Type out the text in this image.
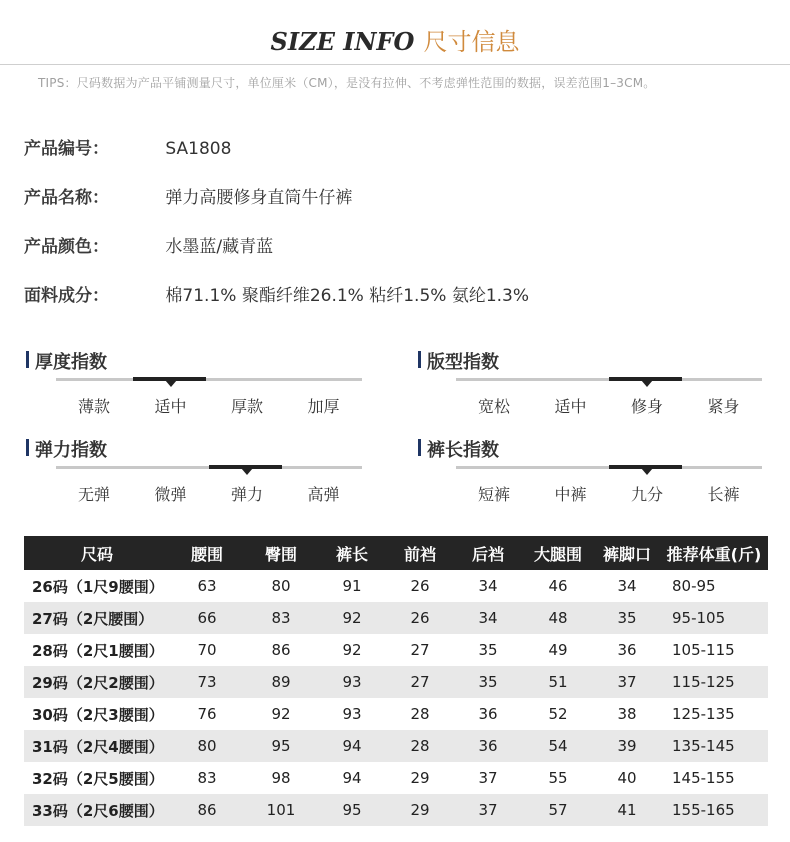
SIZE INFO 尺寸信息
TIPS：尺码数据为产品平铺测量尺寸，单位厘米（CM），是没有拉伸、不考虑弹性范围的数据，误差范围1–3CM。
产品编号：	SA1808
产品名称：	弹力高腰修身直筒牛仔裤
产品颜色：	水墨蓝/藏青蓝
面料成分：	棉71.1% 聚酯纤维26.1% 粘纤1.5% 氨纶1.3%
厚度指数
薄款	适中	厚款	加厚
版型指数
宽松	适中	修身	紧身
弹力指数
无弹	微弹	弹力	高弹
裤长指数
短裤	中裤	九分	长裤
尺码	腰围	臀围	裤长	前裆	后裆	大腿围	裤脚口	推荐体重(斤)
26码（1尺9腰围）	63	80	91	26	34	46	34	80-95
27码（2尺腰围）	66	83	92	26	34	48	35	95-105
28码（2尺1腰围）	70	86	92	27	35	49	36	105-115
29码（2尺2腰围）	73	89	93	27	35	51	37	115-125
30码（2尺3腰围）	76	92	93	28	36	52	38	125-135
31码（2尺4腰围）	80	95	94	28	36	54	39	135-145
32码（2尺5腰围）	83	98	94	29	37	55	40	145-155
33码（2尺6腰围）	86	101	95	29	37	57	41	155-165
